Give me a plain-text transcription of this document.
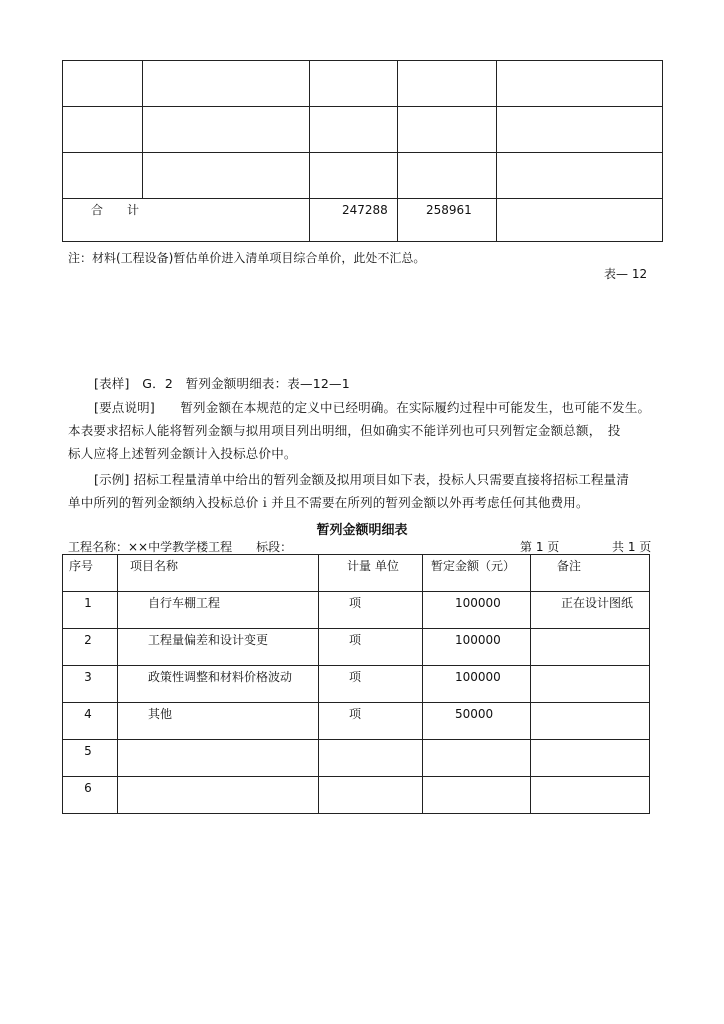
合　　计		247288	258961	

注：材料(工程设备)暂估单价进入清单项目综合单价，此处不汇总。
表— 12
[表样]　G．2　暂列金额明细表：表—12—1
[要点说明]　　暂列金额在本规范的定义中已经明确。在实际履约过程中可能发生，也可能不发生。
本表要求招标人能将暂列金额与拟用项目列出明细，但如确实不能详列也可只列暂定金额总额，　投
标人应将上述暂列金额计入投标总价中。
[示例] 招标工程量清单中给出的暂列金额及拟用项目如下表，投标人只需要直接将招标工程量清
单中所列的暂列金额纳入投标总价ｉ并且不需要在所列的暂列金额以外再考虑任何其他费用。
暂列金额明细表
工程名称：××中学教学楼工程　　标段：	第 1 页	共 1 页
序号	项目名称	计量 单位	暂定金额（元）	备注

1	自行车棚工程	项	100000	正在设计图纸

2	工程量偏差和设计变更	项	100000	

3	政策性调整和材料价格波动	项	100000	

4	其他	项	50000	

5				

6				
